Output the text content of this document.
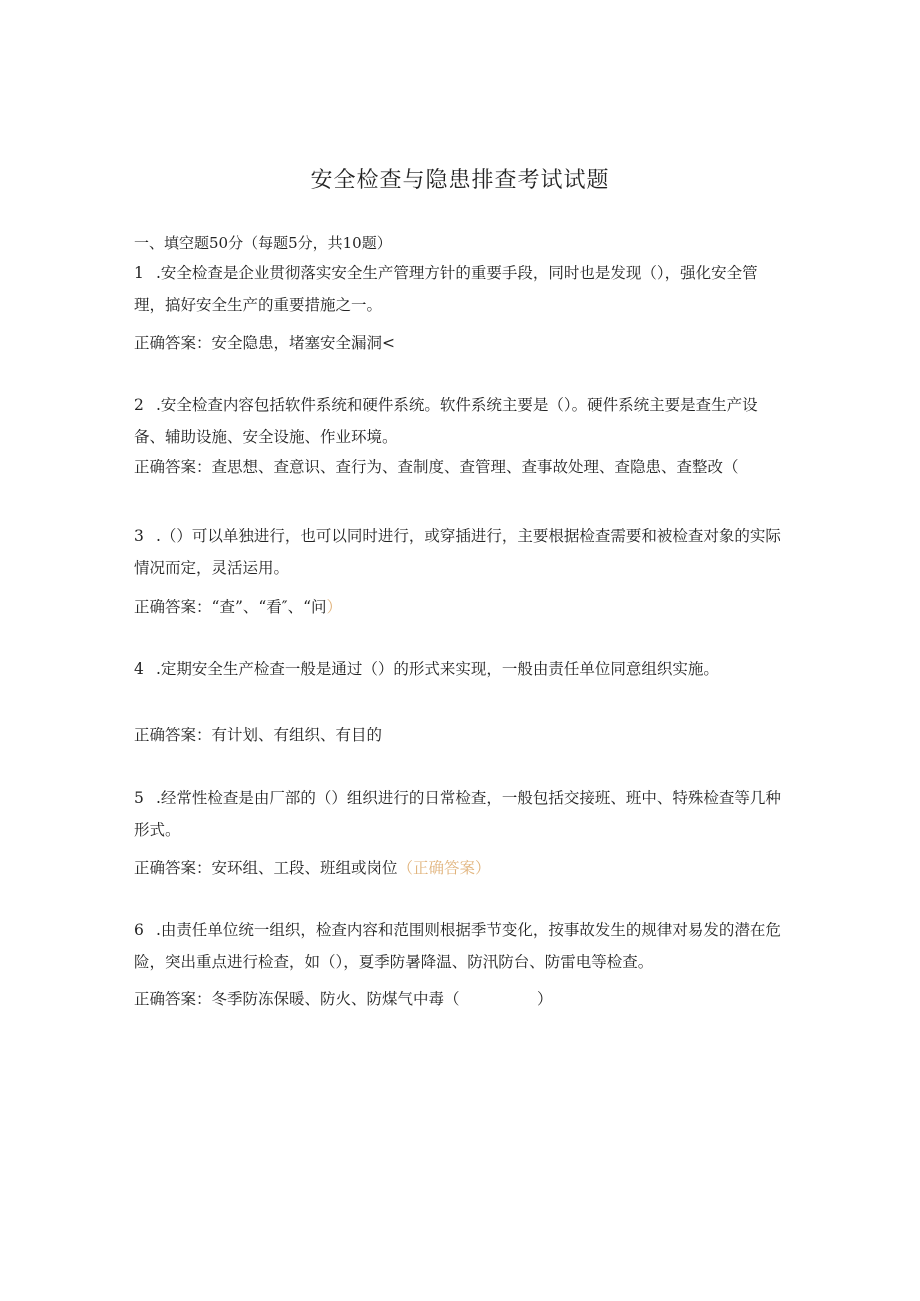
安全检查与隐患排查考试试题
一、填空题50分（每题5分，共10题）
1 .安全检查是企业贯彻落实安全生产管理方针的重要手段，同时也是发现（），强化安全管理，搞好安全生产的重要措施之一。
正确答案：安全隐患，堵塞安全漏洞<
2 .安全检查内容包括软件系统和硬件系统。软件系统主要是（）。硬件系统主要是查生产设备、辅助设施、安全设施、作业环境。
正确答案：查思想、查意识、查行为、查制度、查管理、查事故处理、查隐患、查整改（
3 .（）可以单独进行，也可以同时进行，或穿插进行，主要根据检查需要和被检查对象的实际情况而定，灵活运用。
正确答案：“查”、“看″、“问）
4 .定期安全生产检查一般是通过（）的形式来实现，一般由责任单位同意组织实施。
正确答案：有计划、有组织、有目的
5 .经常性检查是由厂部的（）组织进行的日常检查，一般包括交接班、班中、特殊检查等几种形式。
正确答案：安环组、工段、班组或岗位（正确答案）
6 .由责任单位统一组织，检查内容和范围则根据季节变化，按事故发生的规律对易发的潜在危险，突出重点进行检查，如（），夏季防暑降温、防汛防台、防雷电等检查。
正确答案：冬季防冻保暖、防火、防煤气中毒（　　　　　）
